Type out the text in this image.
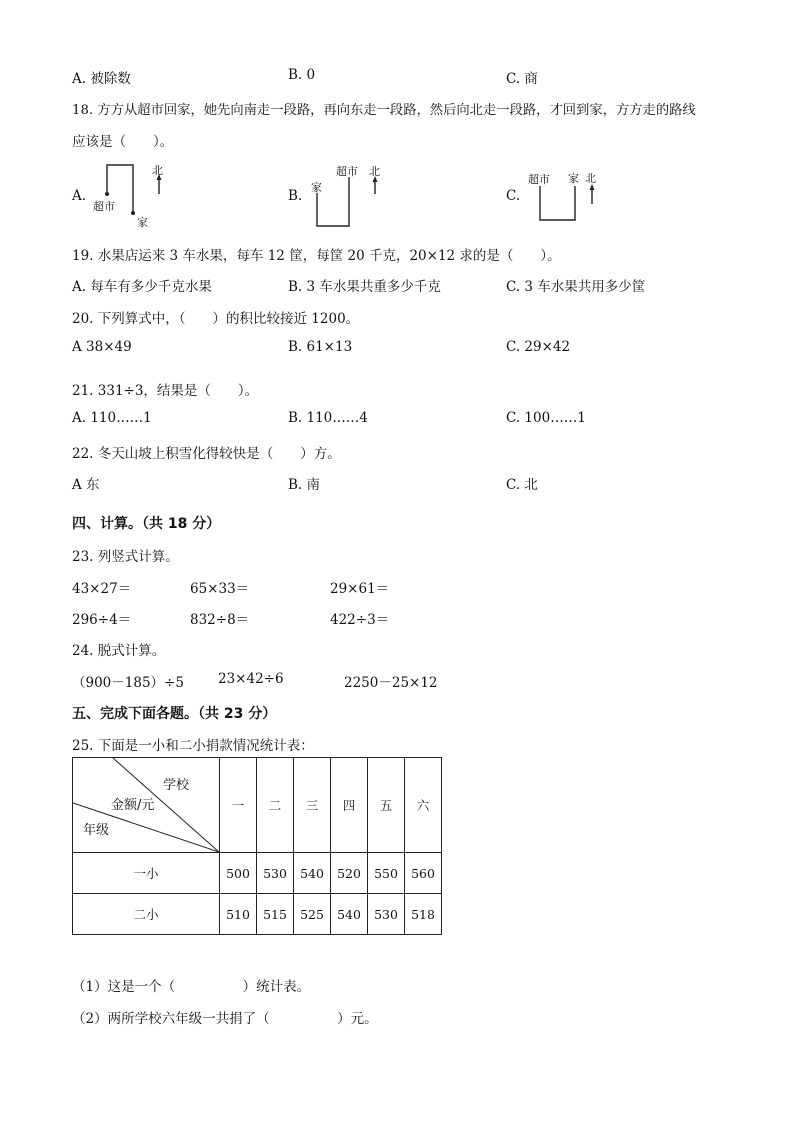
A. 被除数	B. 0	C. 商
18. 方方从超市回家，她先向南走一段路，再向东走一段路，然后向北走一段路，才回到家，方方走的路线
应该是（　　）。
A.
北
超市
家
B.
超市
家
北
C.
超市 家 北
19. 水果店运来 3 车水果，每车 12 筐，每筐 20 千克，20×12 求的是（　　）。
A. 每车有多少千克水果	B. 3 车水果共重多少千克	C. 3 车水果共用多少筐
20. 下列算式中，（　　）的积比较接近 1200。
A 38×49	B. 61×13	C. 29×42
21. 331÷3，结果是（　　）。
A. 110……1	B. 110……4	C. 100……1
22. 冬天山坡上积雪化得较快是（　　）方。
A 东	B. 南	C. 北
四、计算。（共 18 分）
23. 列竖式计算。
43×27＝	65×33＝	29×61＝
296÷4＝	832÷8＝	422÷3＝
24. 脱式计算。
（900－185）÷5	23×42÷6	2250－25×12
五、完成下面各题。（共 23 分）
25. 下面是一小和二小捐款情况统计表：
学校
金额/元
年级	一	二	三	四	五	六
一小	500	530	540	520	550	560
二小	510	515	525	540	530	518
（1）这是一个（　　　　　）统计表。
（2）两所学校六年级一共捐了（　　　　　）元。
